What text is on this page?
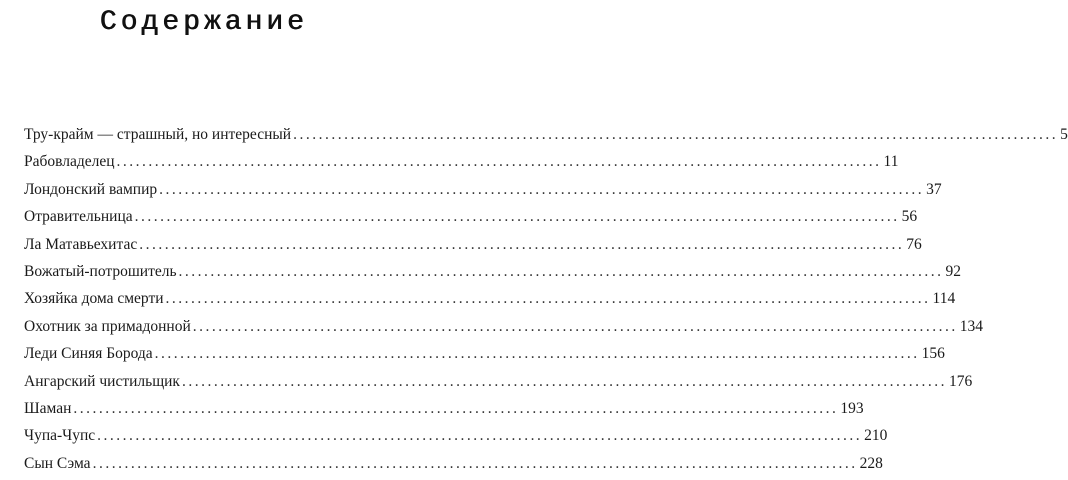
Содержание
Тру-крайм — страшный, но интересный ........................................................................................................................ 5
Рабовладелец ........................................................................................................................ 11
Лондонский вампир ........................................................................................................................ 37
Отравительница ........................................................................................................................ 56
Ла Матавьехитас ........................................................................................................................ 76
Вожатый-потрошитель ........................................................................................................................ 92
Хозяйка дома смерти ........................................................................................................................ 114
Охотник за примадонной ........................................................................................................................ 134
Леди Синяя Борода ........................................................................................................................ 156
Ангарский чистильщик ........................................................................................................................ 176
Шаман ........................................................................................................................ 193
Чупа-Чупс ........................................................................................................................ 210
Сын Сэма ........................................................................................................................ 228
